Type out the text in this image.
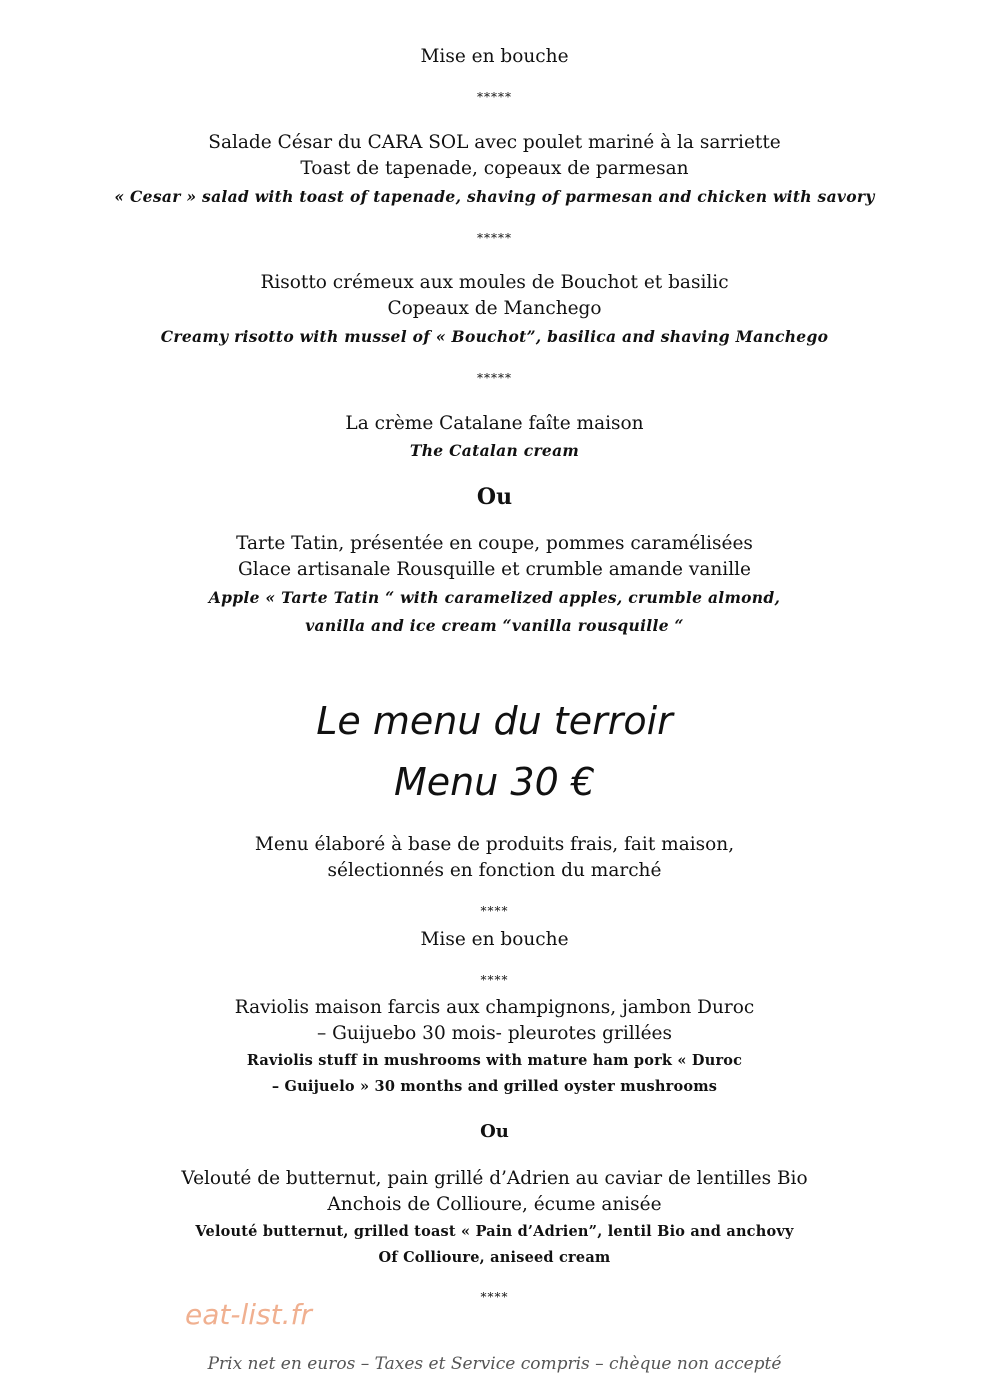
Mise en bouche
*****
Salade César du CARA SOL avec poulet mariné à la sarriette
Toast de tapenade, copeaux de parmesan
« Cesar » salad with toast of tapenade, shaving of parmesan and chicken with savory
*****
Risotto crémeux aux moules de Bouchot et basilic
Copeaux de Manchego
Creamy risotto with mussel of « Bouchot”, basilica and shaving Manchego
*****
La crème Catalane faîte maison
The Catalan cream
Ou
Tarte Tatin, présentée en coupe, pommes caramélisées
Glace artisanale Rousquille et crumble amande vanille
Apple « Tarte Tatin “ with caramelized apples, crumble almond,
vanilla and ice cream “vanilla rousquille “
Le menu du terroir
Menu 30 €
Menu élaboré à base de produits frais, fait maison,
sélectionnés en fonction du marché
****
Mise en bouche
****
Raviolis maison farcis aux champignons, jambon Duroc
– Guijuebo 30 mois- pleurotes grillées
Raviolis stuff in mushrooms with mature ham pork « Duroc
– Guijuelo » 30 months and grilled oyster mushrooms
Ou
Velouté de butternut, pain grillé d’Adrien au caviar de lentilles Bio
Anchois de Collioure, écume anisée
Velouté butternut, grilled toast « Pain d’Adrien”, lentil Bio and anchovy
Of Collioure, aniseed cream
****
eat-list.fr
Prix net en euros – Taxes et Service compris – chèque non accepté
